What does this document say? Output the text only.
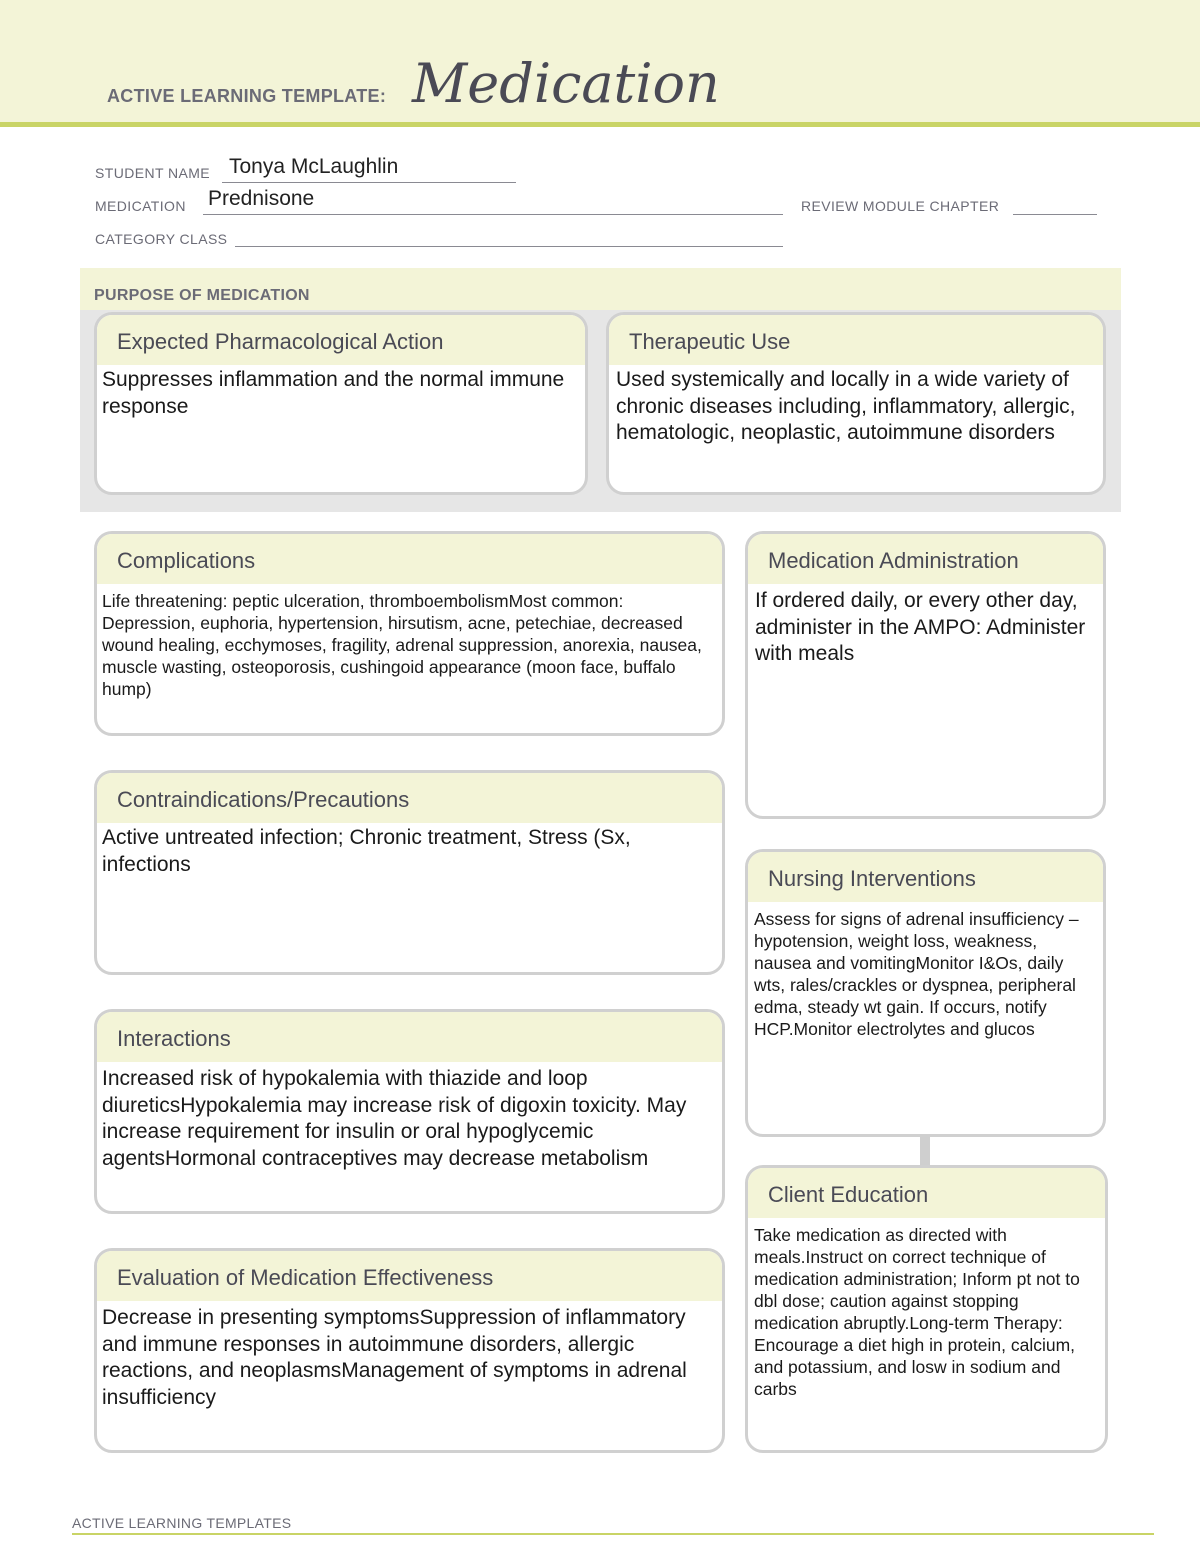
ACTIVE LEARNING TEMPLATE: Medication
STUDENT NAME Tonya McLaughlin
MEDICATION Prednisone	REVIEW MODULE CHAPTER
CATEGORY CLASS
PURPOSE OF MEDICATION
Expected Pharmacological Action
Suppresses inflammation and the normal immune response
Therapeutic Use
Used systemically and locally in a wide variety of chronic diseases including, inflammatory, allergic, hematologic, neoplastic, autoimmune disorders
Complications
Life threatening: peptic ulceration, thromboembolismMost common: Depression, euphoria, hypertension, hirsutism, acne, petechiae, decreased wound healing, ecchymoses, fragility, adrenal suppression, anorexia, nausea, muscle wasting, osteoporosis, cushingoid appearance (moon face, buffalo hump)
Contraindications/Precautions
Active untreated infection; Chronic treatment, Stress (Sx, infections
Interactions
Increased risk of hypokalemia with thiazide and loop diureticsHypokalemia may increase risk of digoxin toxicity. May increase requirement for insulin or oral hypoglycemic agentsHormonal contraceptives may decrease metabolism
Evaluation of Medication Effectiveness
Decrease in presenting symptomsSuppression of inflammatory and immune responses in autoimmune disorders, allergic reactions, and neoplasmsManagement of symptoms in adrenal insufficiency
Medication Administration
If ordered daily, or every other day, administer in the AMPO: Administer with meals
Nursing Interventions
Assess for signs of adrenal insufficiency – hypotension, weight loss, weakness, nausea and vomitingMonitor I&Os, daily wts, rales/crackles or dyspnea, peripheral edma, steady wt gain. If occurs, notify HCP.Monitor electrolytes and glucos
Client Education
Take medication as directed with meals.Instruct on correct technique of medication administration; Inform pt not to dbl dose; caution against stopping medication abruptly.Long-term Therapy: Encourage a diet high in protein, calcium, and potassium, and losw in sodium and carbs
ACTIVE LEARNING TEMPLATES
